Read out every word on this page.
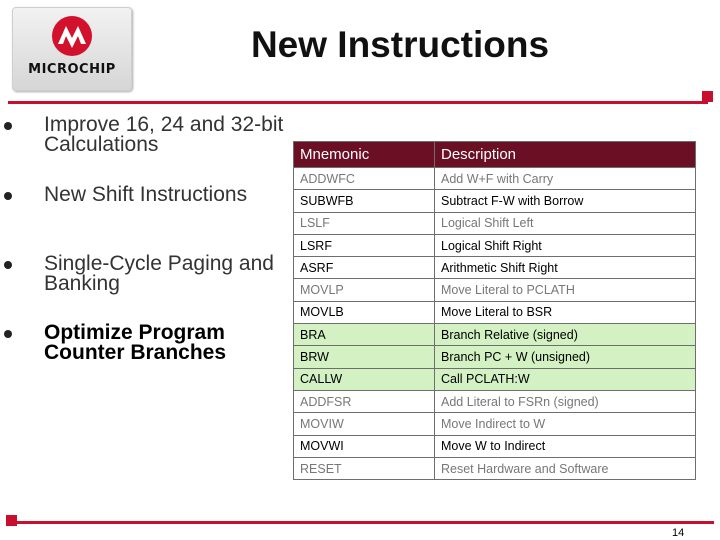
MICROCHIP
New Instructions
Improve 16, 24 and 32-bit Calculations
New Shift Instructions
Single-Cycle Paging and Banking
Optimize Program Counter Branches
Mnemonic	Description
ADDWFC	Add W+F with Carry
SUBWFB	Subtract F-W with Borrow
LSLF	Logical Shift Left
LSRF	Logical Shift Right
ASRF	Arithmetic Shift Right
MOVLP	Move Literal to PCLATH
MOVLB	Move Literal to BSR
BRA	Branch Relative (signed)
BRW	Branch PC + W (unsigned)
CALLW	Call PCLATH:W
ADDFSR	Add Literal to FSRn (signed)
MOVIW	Move Indirect to W
MOVWI	Move W to Indirect
RESET	Reset Hardware and Software
14
